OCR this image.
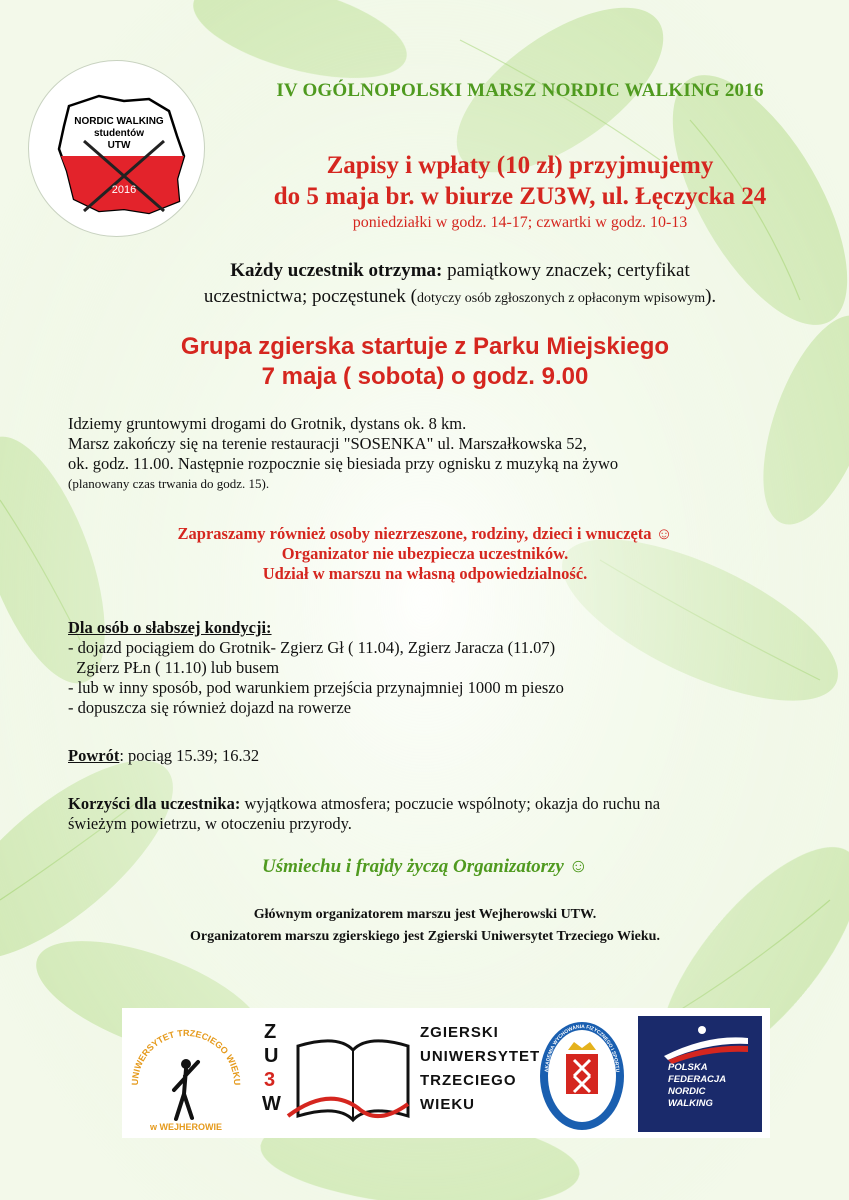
NORDIC WALKING
studentów
UTW
2016
IV OGÓLNOPOLSKI MARSZ NORDIC WALKING 2016
Zapisy i wpłaty (10 zł) przyjmujemy
do 5 maja br. w biurze ZU3W, ul. Łęczycka 24
poniedziałki w godz. 14-17; czwartki w godz. 10-13
Każdy uczestnik otrzyma: pamiątkowy znaczek; certyfikat
uczestnictwa; poczęstunek (dotyczy osób zgłoszonych z opłaconym wpisowym).
Grupa zgierska startuje z Parku Miejskiego
7 maja ( sobota) o godz. 9.00
Idziemy gruntowymi drogami do Grotnik, dystans ok. 8 km.
Marsz zakończy się na terenie restauracji "SOSENKA" ul. Marszałkowska 52,
ok. godz. 11.00. Następnie rozpocznie się biesiada przy ognisku z muzyką na żywo
(planowany czas trwania do godz. 15).
Zapraszamy również osoby niezrzeszone, rodziny, dzieci i wnuczęta ☺
Organizator nie ubezpiecza uczestników.
Udział w marszu na własną odpowiedzialność.
Dla osób o słabszej kondycji:
- dojazd pociągiem do Grotnik- Zgierz Gł ( 11.04), Zgierz Jaracza (11.07)
Zgierz PŁn ( 11.10) lub busem
- lub w inny sposób, pod warunkiem przejścia przynajmniej 1000 m pieszo
- dopuszcza się również dojazd na rowerze
Powrót: pociąg 15.39; 16.32
Korzyści dla uczestnika: wyjątkowa atmosfera; poczucie wspólnoty; okazja do ruchu na
świeżym powietrzu, w otoczeniu przyrody.
Uśmiechu i frajdy życzą Organizatorzy ☺
Głównym organizatorem marszu jest Wejherowski UTW.
Organizatorem marszu zgierskiego jest Zgierski Uniwersytet Trzeciego Wieku.
UNIWERSYTET TRZECIEGO WIEKU
w WEJHEROWIE
Z
U
3
W
ZGIERSKI
UNIWERSYTET
TRZECIEGO
WIEKU
AKADEMIA WYCHOWANIA FIZYCZNEGO I SPORTU	POLSKA
FEDERACJA
NORDIC
WALKING
